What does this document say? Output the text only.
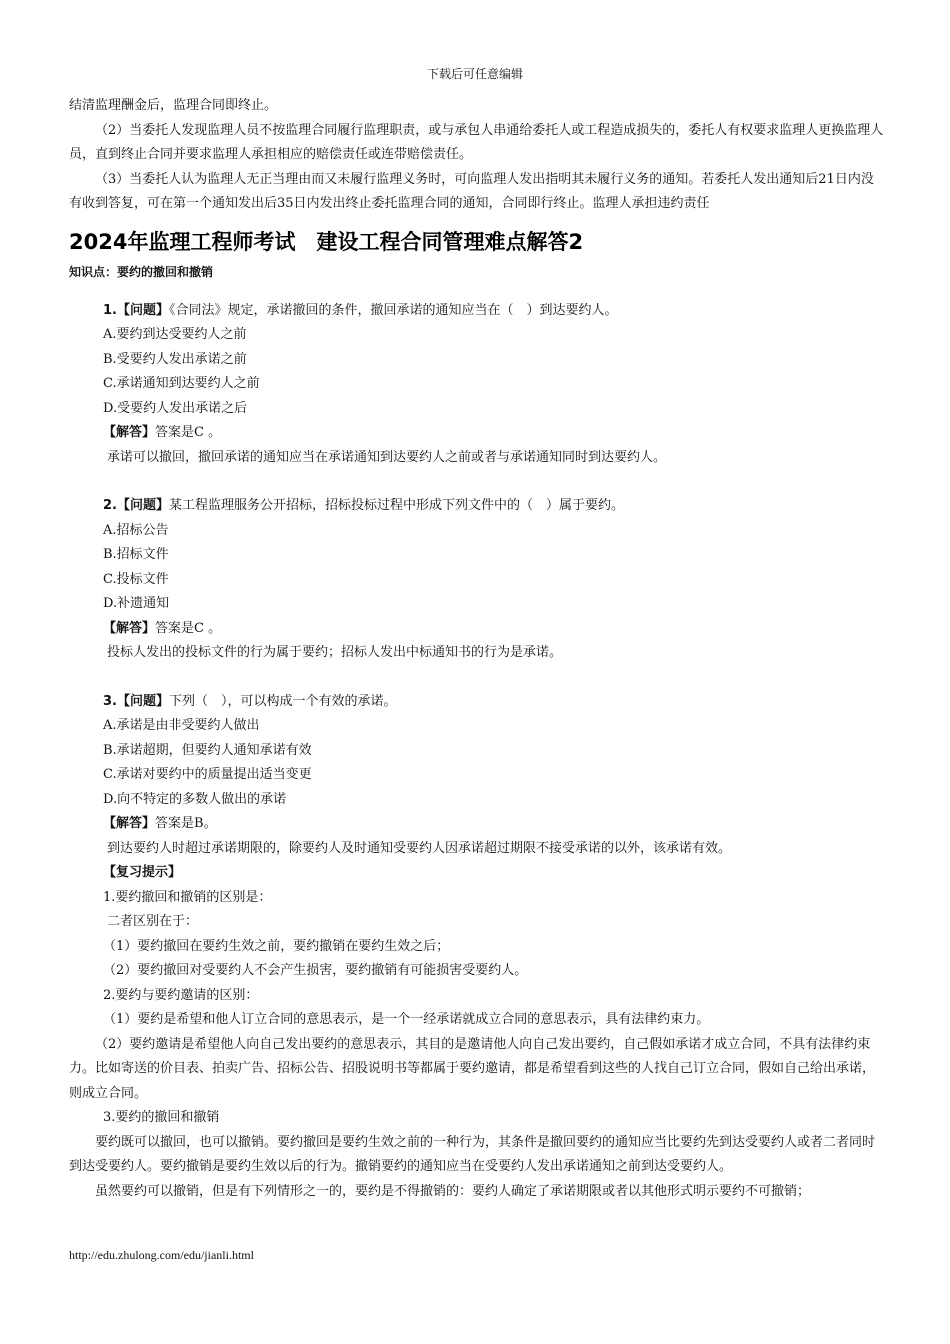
下载后可任意编辑

结清监理酬金后，监理合同即终止。

（2）当委托人发现监理人员不按监理合同履行监理职责，或与承包人串通给委托人或工程造成损失的，委托人有权要求监理人更换监理人员，直到终止合同并要求监理人承担相应的赔偿责任或连带赔偿责任。

（3）当委托人认为监理人无正当理由而又未履行监理义务时，可向监理人发出指明其未履行义务的通知。若委托人发出通知后21日内没有收到答复，可在第一个通知发出后35日内发出终止委托监理合同的通知，合同即行终止。监理人承担违约责任

2024年监理工程师考试　建设工程合同管理难点解答2

知识点：要约的撤回和撤销

1.【问题】《合同法》规定，承诺撤回的条件，撤回承诺的通知应当在（　）到达要约人。

A.要约到达受要约人之前

B.受要约人发出承诺之前

C.承诺通知到达要约人之前

D.受要约人发出承诺之后

【解答】答案是C 。

承诺可以撤回，撤回承诺的通知应当在承诺通知到达要约人之前或者与承诺通知同时到达要约人。

2.【问题】某工程监理服务公开招标，招标投标过程中形成下列文件中的（　）属于要约。

A.招标公告

B.招标文件

C.投标文件

D.补遗通知

【解答】答案是C 。

投标人发出的投标文件的行为属于要约；招标人发出中标通知书的行为是承诺。

3.【问题】下列（　），可以构成一个有效的承诺。

A.承诺是由非受要约人做出

B.承诺超期，但要约人通知承诺有效

C.承诺对要约中的质量提出适当变更

D.向不特定的多数人做出的承诺

【解答】答案是B。

到达要约人时超过承诺期限的，除要约人及时通知受要约人因承诺超过期限不接受承诺的以外，该承诺有效。

【复习提示】

1.要约撤回和撤销的区别是：

二者区别在于：

（1）要约撤回在要约生效之前，要约撤销在要约生效之后；

（2）要约撤回对受要约人不会产生损害，要约撤销有可能损害受要约人。

2.要约与要约邀请的区别：

（1）要约是希望和他人订立合同的意思表示，是一个一经承诺就成立合同的意思表示，具有法律约束力。

（2）要约邀请是希望他人向自己发出要约的意思表示，其目的是邀请他人向自己发出要约，自己假如承诺才成立合同，不具有法律约束力。比如寄送的价目表、拍卖广告、招标公告、招股说明书等都属于要约邀请，都是希望看到这些的人找自己订立合同，假如自己给出承诺，则成立合同。

3.要约的撤回和撤销

要约既可以撤回，也可以撤销。要约撤回是要约生效之前的一种行为，其条件是撤回要约的通知应当比要约先到达受要约人或者二者同时到达受要约人。要约撤销是要约生效以后的行为。撤销要约的通知应当在受要约人发出承诺通知之前到达受要约人。

虽然要约可以撤销，但是有下列情形之一的，要约是不得撤销的：要约人确定了承诺期限或者以其他形式明示要约不可撤销；

http://edu.zhulong.com/edu/jianli.html
